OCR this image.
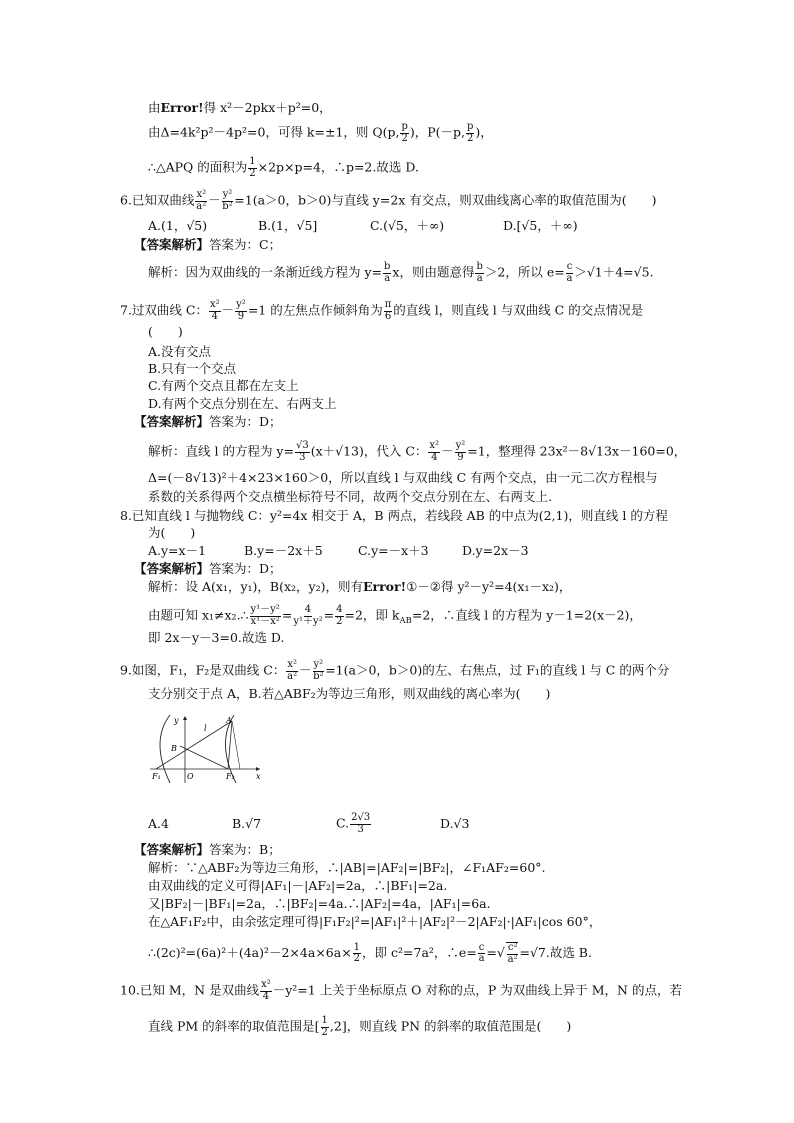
由Error!得 x²－2pkx＋p²=0，
由Δ=4k²p²－4p²=0，可得 k=±1，则 Q(p, $\frac{p}{2}$ )，P(－p, $\frac{p}{2}$ )，
∴△APQ 的面积为 $\frac{1}{2} \times 2p\times p=4$，∴p=2.故选 D.
6.已知双曲线 $\frac{\text{x²}}{\text{a²}} - \frac{\text{y²}}{\text{b²}} =1(a>0$，b＞0)与直线 y=2x 有交点，则双曲线离心率的取值范围为(　　)
A.(1，√5)	B.(1，√5]	C.(√5，＋∞)	D.[√5，＋∞)
【答案解析】答案为：C；
解析：因为双曲线的一条渐近线方程为 $y= \frac{b}{a}$ x，则由题意得 $\frac{b}{a} >2$，所以 $e= \frac{c}{a} >√1+4=√5$.
7.过双曲线 C： $\frac{\text{x²}}{4} - \frac{\text{y²}}{9} =1$ 的左焦点作倾斜角为 $\frac{\pi}{6}$ 的直线 l，则直线 l 与双曲线 C 的交点情况是
(　　)
A.没有交点
B.只有一个交点
C.有两个交点且都在左支上
D.有两个交点分别在左、右两支上
【答案解析】答案为：D；
解析：直线 l 的方程为 $y= \frac{√3}{3} (x+√13)$，代入 C： $\frac{\text{x²}}{4} - \frac{\text{y²}}{9} =1$，整理得 23x²－8√13x－160=0，
Δ=(－8√13)²＋4×23×160＞0，所以直线 l 与双曲线 C 有两个交点，由一元二次方程根与
系数的关系得两个交点横坐标符号不同，故两个交点分别在左、右两支上.
8.已知直线 l 与抛物线 C：y²=4x 相交于 A，B 两点，若线段 AB 的中点为(2,1)，则直线 l 的方程
为(　　)
A.y=x－1	B.y=－2x＋5	C.y=－x＋3	D.y=2x－3
【答案解析】答案为：D；
解析：设 A(x₁，y₁)，B(x₂，y₂)，则有Error!①－②得 y²－y²=4(x₁－x₂)，
由题可知 x₁≠x₂.∴ $\frac{\text{y¹－y²}}{\text{x¹－x²}} = \frac{4}{\text{y¹＋y²}} = \frac{4}{2} =2$，即 $k_{AB}=2$，∴直线 l 的方程为 y－1=2(x－2)，
即 2x－y－3=0.故选 D.
9.如图，F₁，F₂是双曲线 C： $\frac{\text{x²}}{\text{a²}} - \frac{\text{y²}}{\text{b²}} =1(a>0$，b＞0)的左、右焦点，过 F₁的直线 l 与 C 的两个分
支分别交于点 A，B.若△ABF₂为等边三角形，则双曲线的离心率为(　　)
y
x
O
F₁	F₂
A
B
l
A.4	B.√7	C. $\frac{2√3}{3}$	D.√3
【答案解析】答案为：B；
解析：∵△ABF₂为等边三角形，∴|AB|=|AF₂|=|BF₂|，∠F₁AF₂=60°.
由双曲线的定义可得|AF₁|－|AF₂|=2a，∴|BF₁|=2a.
又|BF₂|－|BF₁|=2a，∴|BF₂|=4a.∴|AF₂|=4a，|AF₁|=6a.
在△AF₁F₂中，由余弦定理可得|F₁F₂|²=|AF₁|²＋|AF₂|²－2|AF₂|·|AF₁|cos 60°，
∴(2c)²=(6a)²＋(4a)²－2×4a×6a× $\frac{1}{2}$ ，即 c²=7a²，∴e= $\frac{c}{a}$ =√ $\frac{\text{c²}}{\text{a²}} =√7$.故选 B.
10.已知 M，N 是双曲线 $\frac{\text{x²}}{4} -y^2=1$ 上关于坐标原点 O 对称的点，P 为双曲线上异于 M，N 的点，若
直线 PM 的斜率的取值范围是[ $\frac{1}{2} ,2$]，则直线 PN 的斜率的取值范围是(　　)
